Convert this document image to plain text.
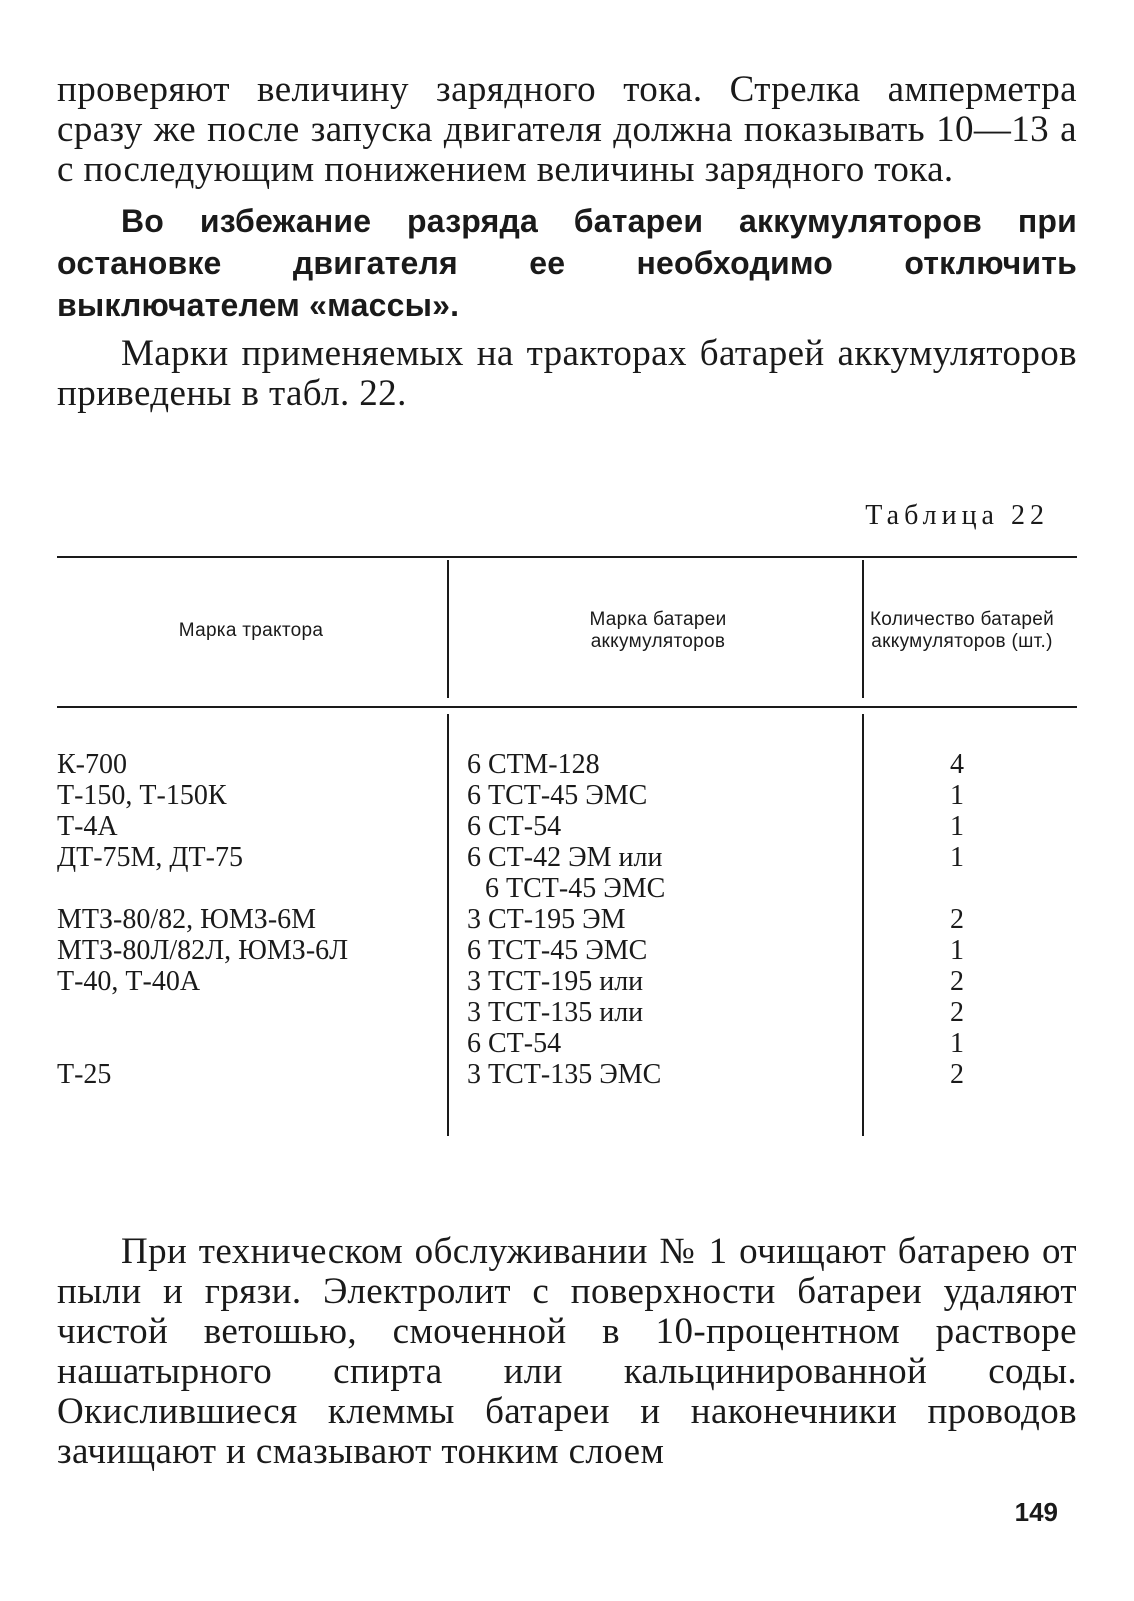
проверяют величину зарядного тока. Стрелка амперметра сразу же после запуска двигателя должна показывать 10—13 а с последующим понижением величины зарядного тока.

Во избежание разряда батареи аккумуляторов при остановке двигателя ее необходимо отключить выключателем «массы».

Марки применяемых на тракторах батарей аккумуляторов приведены в табл. 22.

Таблица 22
Марка трактора
Марка батареи аккумуляторов
Количество батарей аккумуляторов (шт.)
К-700
Т-150, Т-150К
Т-4А
ДТ-75М, ДТ-75
МТЗ-80/82, ЮМЗ-6М
МТЗ-80Л/82Л, ЮМЗ-6Л
Т-40, Т-40А
Т-25
6 СТМ-128
6 ТСТ-45 ЭМС
6 СТ-54
6 СТ-42 ЭМ или
6 ТСТ-45 ЭМС
3 СТ-195 ЭМ
6 ТСТ-45 ЭМС
3 ТСТ-195 или
3 ТСТ-135 или
6 СТ-54
3 ТСТ-135 ЭМС
4
1
1
1
2
1
2
2
1
2

При техническом обслуживании № 1 очищают батарею от пыли и грязи. Электролит с поверхности батареи удаляют чистой ветошью, смоченной в 10-процентном растворе нашатырного спирта или кальцинированной соды. Окислившиеся клеммы батареи и наконечники проводов зачищают и смазывают тонким слоем

149
